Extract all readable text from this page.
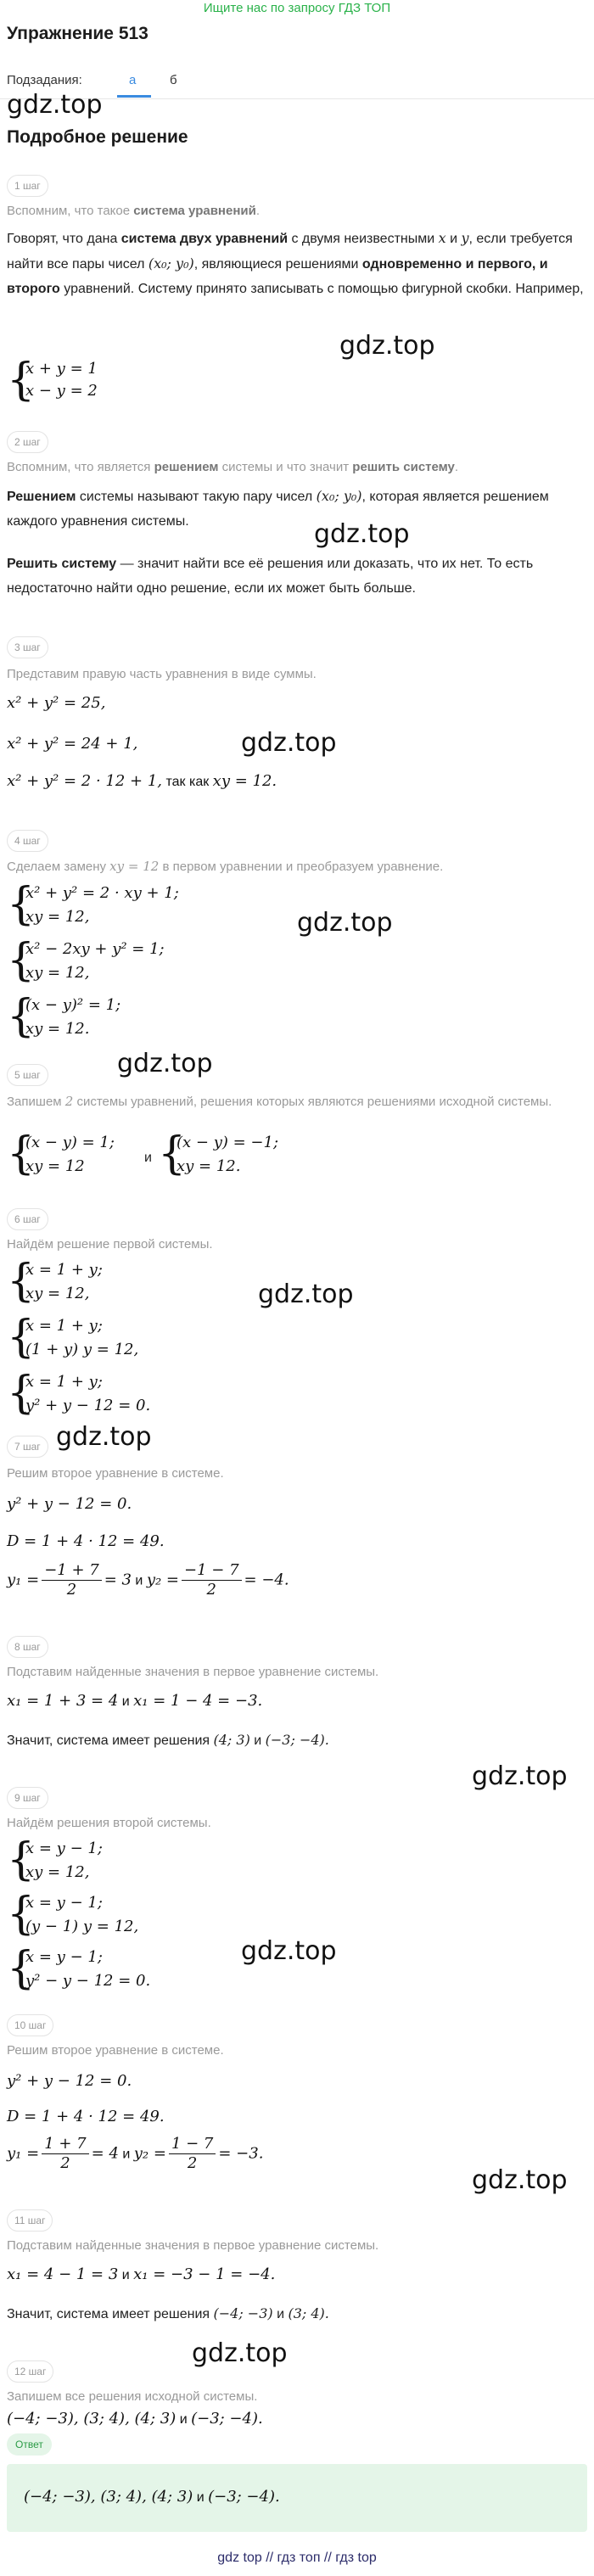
Ищите нас по запросу ГДЗ ТОП
Упражнение 513
Подзадания:	а	б
gdz.top
Подробное решение
1 шаг
Вспомним, что такое система уравнений.
Говорят, что дана система двух уравнений с двумя неизвестными x и y, если требуется найти все пары чисел (x₀; y₀), являющиеся решениями одновременно и первого, и второго уравнений. Систему принято записывать с помощью фигурной скобки. Например,
gdz.top
{
x + y = 1
x − y = 2
2 шаг
Вспомним, что является решением системы и что значит решить систему.
Решением системы называют такую пару чисел (x₀; y₀), которая является решением каждого уравнения системы.	gdz.top
Решить систему — значит найти все её решения или доказать, что их нет. То есть недостаточно найти одно решение, если их может быть больше.
3 шаг
Представим правую часть уравнения в виде суммы.
x² + y² = 25,
gdz.top
x² + y² = 24 + 1,
x² + y² = 2 · 12 + 1, так как xy = 12.
4 шаг
Сделаем замену xy = 12 в первом уравнении и преобразуем уравнение.
{
x² + y² = 2 · xy + 1;
xy = 12,	gdz.top
{
x² − 2xy + y² = 1;
xy = 12,
{
(x − y)² = 1;
xy = 12.
gdz.top
5 шаг
Запишем 2 системы уравнений, решения которых являются решениями исходной системы.
{
(x − y) = 1;
xy = 12	и {
(x − y) = −1;
xy = 12.
6 шаг
Найдём решение первой системы.
{
x = 1 + y;
xy = 12,	gdz.top
{
x = 1 + y;
(1 + y) y = 12,
{
x = 1 + y;
y² + y − 12 = 0.
gdz.top
7 шаг
Решим второе уравнение в системе.
y² + y − 12 = 0.
D = 1 + 4 · 12 = 49.
$y_1 = \frac{-1 + 7}{2} = 3$ и $y_2 = \frac{-1 - 7}{2} = -4$.
8 шаг
Подставим найденные значения в первое уравнение системы.
x₁ = 1 + 3 = 4 и x₁ = 1 − 4 = −3.
Значит, система имеет решения (4; 3) и (−3; −4).
gdz.top
9 шаг
Найдём решения второй системы.
{
x = y − 1;
xy = 12,
{
x = y − 1;
(y − 1) y = 12,
gdz.top
{
x = y − 1;
y² − y − 12 = 0.
10 шаг
Решим второе уравнение в системе.
y² + y − 12 = 0.
D = 1 + 4 · 12 = 49.
$y_1 = \frac{1 + 7}{2} = 4$ и $y_2 = \frac{1 - 7}{2} = -3$.
gdz.top
11 шаг
Подставим найденные значения в первое уравнение системы.
x₁ = 4 − 1 = 3 и x₁ = −3 − 1 = −4.
Значит, система имеет решения (−4; −3) и (3; 4).
gdz.top
12 шаг
Запишем все решения исходной системы.
(−4; −3), (3; 4), (4; 3) и (−3; −4).
Ответ
(−4; −3), (3; 4), (4; 3) и (−3; −4).
gdz top // гдз топ // гдз top
